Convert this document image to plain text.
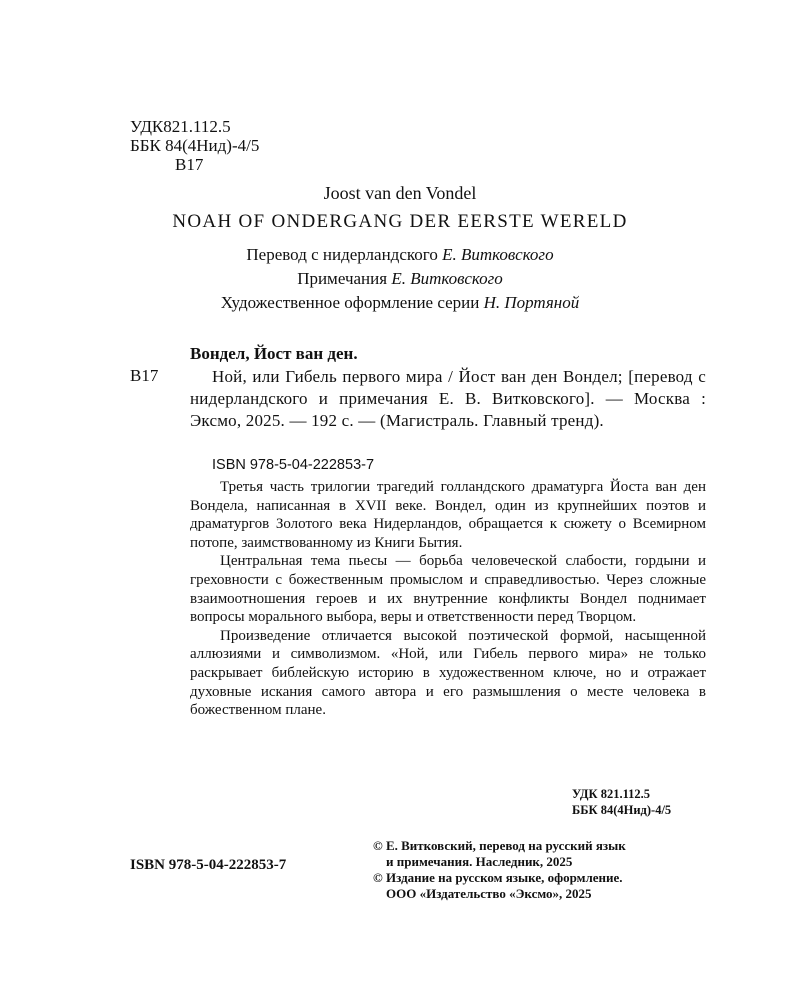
УДК821.112.5
ББК 84(4Нид)-4/5
В17
Joost van den Vondel
NOAH OF ONDERGANG DER EERSTE WERELD
Перевод с нидерландского Е. Витковского
Примечания Е. Витковского
Художественное оформление серии Н. Портяной
Вондел, Йост ван ден.
В17	Ной, или Гибель первого мира / Йост ван ден Вондел; [перевод с нидерландского и примечания Е. В. Витковского]. — Москва : Эксмо, 2025. — 192 с. — (Магистраль. Главный тренд).
ISBN 978-5-04-222853-7

Третья часть трилогии трагедий голландского драматурга Йоста ван ден Вондела, написанная в XVII веке. Вондел, один из крупнейших поэтов и драматургов Золотого века Нидерландов, обращается к сюжету о Всемирном потопе, заимствованному из Книги Бытия.

Центральная тема пьесы — борьба человеческой слабости, гордыни и греховности с божественным промыслом и справедливостью. Через сложные взаимоотношения героев и их внутренние конфликты Вондел поднимает вопросы морального выбора, веры и ответственности перед Творцом.

Произведение отличается высокой поэтической формой, насыщенной аллюзиями и символизмом. «Ной, или Гибель первого мира» не только раскрывает библейскую историю в художественном ключе, но и отражает духовные искания самого автора и его размышления о месте человека в божественном плане.

УДК 821.112.5
ББК 84(4Нид)-4/5
ISBN 978-5-04-222853-7
© Е. Витковский, перевод на русский язык
и примечания. Наследник, 2025
© Издание на русском языке, оформление.
ООО «Издательство «Эксмо», 2025
